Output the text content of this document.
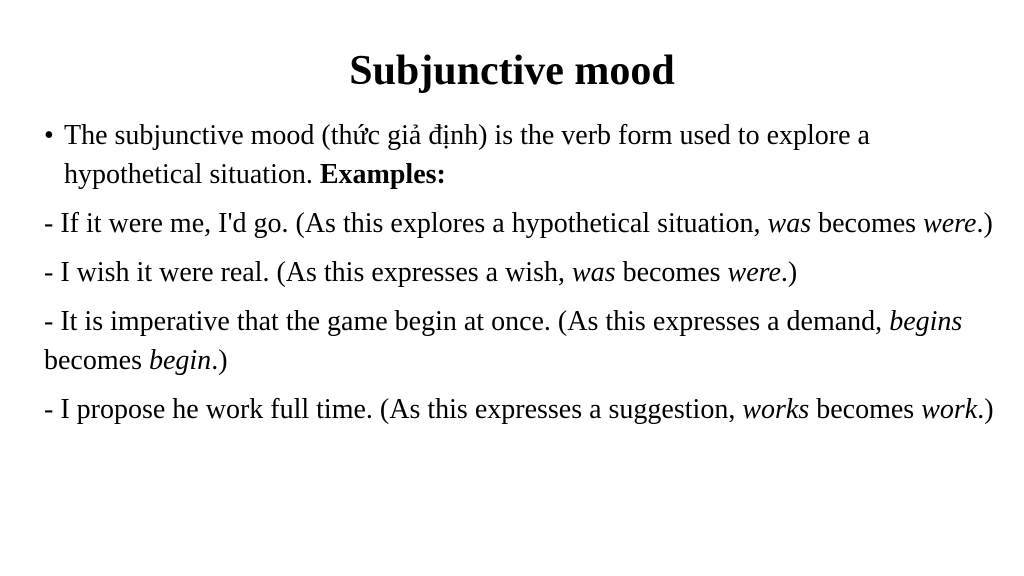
Subjunctive mood

• The subjunctive mood (thức giả định) is the verb form used to explore a hypothetical situation. Examples:

- If it were me, I'd go. (As this explores a hypothetical situation, was becomes were.)

- I wish it were real. (As this expresses a wish, was becomes were.)

- It is imperative that the game begin at once. (As this expresses a demand, begins becomes begin.)

- I propose he work full time. (As this expresses a suggestion, works becomes work.)
